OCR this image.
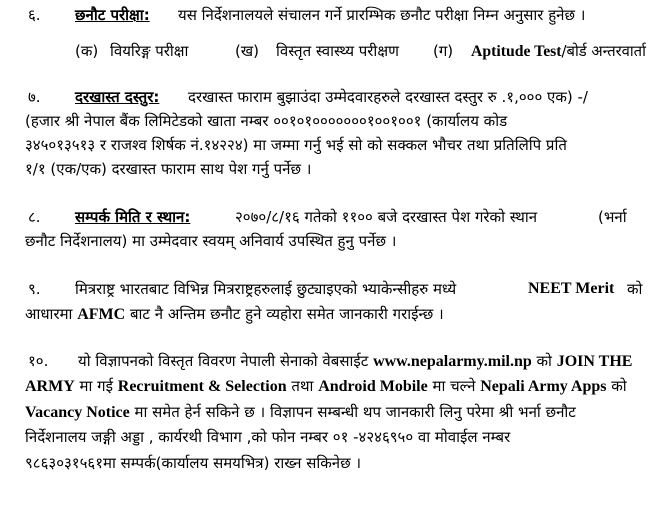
६. छनौट परीक्षा: यस निर्देशनालयले संचालन गर्ने प्रारम्भिक छनौट परीक्षा निम्न अनुसार हुनेछ ।
(क) वियरिङ्ग परीक्षा	(ख) विस्तृत स्वास्थ्य परीक्षण (ग) Aptitude Test/बोर्ड अन्तरवार्ता
७. दरखास्त दस्तुर: दरखास्त फाराम बुझाउंदा उम्मेदवारहरुले दरखास्त दस्तुर रु .१,००० एक) -/
(हजार श्री नेपाल बैंक लिमिटेडको खाता नम्बर ००१०१०००००००१००१००१ (कार्यालय कोड
३४५०१३५१३ र राजश्व शिर्षक नं.१४२२४) मा जम्मा गर्नु भई सो को सक्कल भौचर तथा प्रतिलिपि प्रति
१/१ (एक/एक) दरखास्त फाराम साथ पेश गर्नु पर्नेछ ।
८. सम्पर्क मिति र स्थान:	२०७०/८/१६ गतेको ११०० बजे दरखास्त पेश गरेको स्थान	(भर्ना
छनौट निर्देशनालय) मा उम्मेदवार स्वयम् अनिवार्य उपस्थित हुनु पर्नेछ ।
९. मित्रराष्ट्र भारतबाट विभिन्न मित्रराष्ट्रहरुलाई छुट्याइएको भ्याकेन्सीहरु मध्ये	NEET Merit को
आधारमा AFMC बाट नै अन्तिम छनौट हुने व्यहोरा समेत जानकारी गराईन्छ ।
१०. यो विज्ञापनको विस्तृत विवरण नेपाली सेनाको वेबसाईट www.nepalarmy.mil.np को JOIN THE
ARMY मा गई Recruitment & Selection तथा Android Mobile मा चल्ने Nepali Army Apps को
Vacancy Notice मा समेत हेर्न सकिने छ । विज्ञापन सम्बन्धी थप जानकारी लिनु परेमा श्री भर्ना छनौट
निर्देशनालय जङ्गी अड्डा , कार्यरथी विभाग ,को फोन नम्बर ०१ -४२४६९५० वा मोवाईल नम्बर
९८६३०३१५६१मा सम्पर्क(कार्यालय समयभित्र) राख्न सकिनेछ ।
